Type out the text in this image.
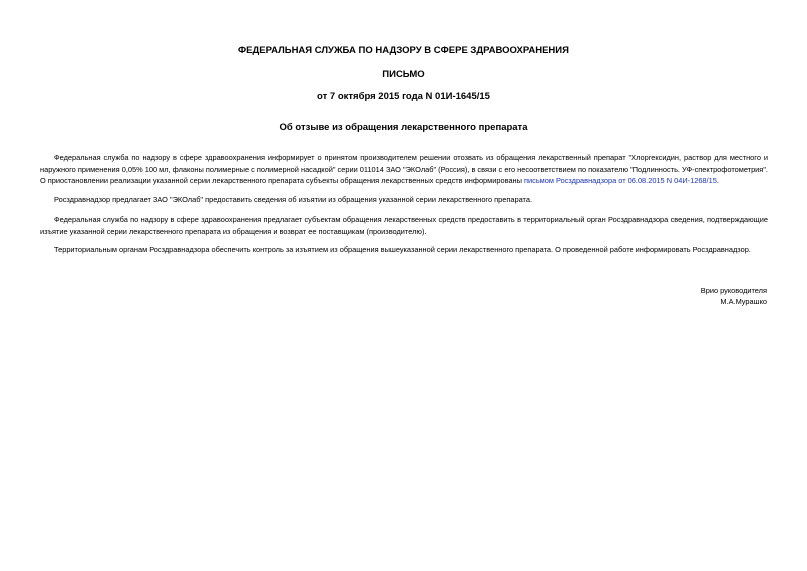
ФЕДЕРАЛЬНАЯ СЛУЖБА ПО НАДЗОРУ В СФЕРЕ ЗДРАВООХРАНЕНИЯ
ПИСЬМО
от 7 октября 2015 года N 01И-1645/15
Об отзыве из обращения лекарственного препарата

Федеральная служба по надзору в сфере здравоохранения информирует о принятом производителем решении отозвать из обращения лекарственный препарат "Хлоргексидин, раствор для местного и наружного применения 0,05% 100 мл, флаконы полимерные с полимерной насадкой" серии 011014 ЗАО "ЭКОлаб" (Россия), в связи с его несоответствием по показателю "Подлинность. УФ-спектрофотометрия". О приостановлении реализации указанной серии лекарственного препарата субъекты обращения лекарственных средств информированы письмом Росздравнадзора от 06.08.2015 N 04И-1268/15.

Росздравнадзор предлагает ЗАО "ЭКОлаб" предоставить сведения об изъятии из обращения указанной серии лекарственного препарата.

Федеральная служба по надзору в сфере здравоохранения предлагает субъектам обращения лекарственных средств предоставить в территориальный орган Росздравнадзора сведения, подтверждающие изъятие указанной серии лекарственного препарата из обращения и возврат ее поставщикам (производителю).

Территориальным органам Росздравнадзора обеспечить контроль за изъятием из обращения вышеуказанной серии лекарственного препарата. О проведенной работе информировать Росздравнадзор.

Врио руководителя
М.А.Мурашко
